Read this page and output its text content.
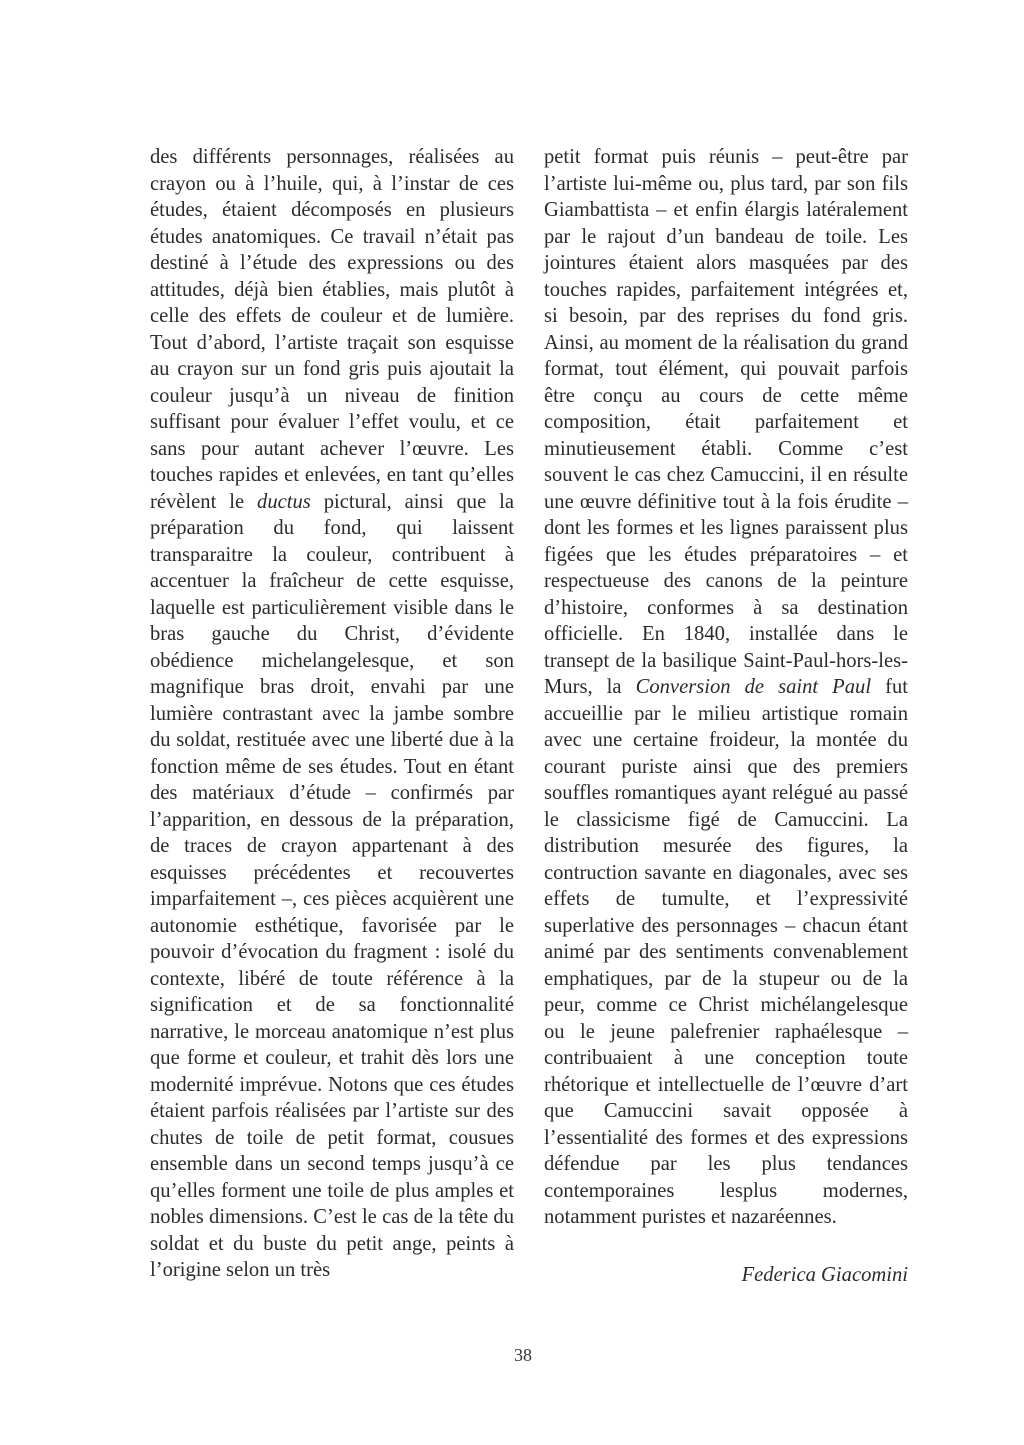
des différents personnages, réalisées au crayon ou à l’huile, qui, à l’instar de ces études, étaient décomposés en plusieurs études anatomiques. Ce travail n’était pas destiné à l’étude des expressions ou des attitudes, déjà bien établies, mais plutôt à celle des effets de couleur et de lumière. Tout d’abord, l’artiste traçait son esquisse au crayon sur un fond gris puis ajoutait la couleur jusqu’à un niveau de finition suffisant pour évaluer l’effet voulu, et ce sans pour autant achever l’œuvre. Les touches rapides et enlevées, en tant qu’elles révèlent le ductus pictural, ainsi que la préparation du fond, qui laissent transparaitre la couleur, contribuent à accentuer la fraîcheur de cette esquisse, laquelle est particulièrement visible dans le bras gauche du Christ, d’évidente obédience michelangelesque, et son magnifique bras droit, envahi par une lumière contrastant avec la jambe sombre du soldat, restituée avec une liberté due à la fonction même de ses études. Tout en étant des matériaux d’étude – confirmés par l’apparition, en dessous de la préparation, de traces de crayon appartenant à des esquisses précédentes et recouvertes imparfaitement –, ces pièces acquièrent une autonomie esthétique, favorisée par le pouvoir d’évocation du fragment : isolé du contexte, libéré de toute référence à la signification et de sa fonctionnalité narrative, le morceau anatomique n’est plus que forme et couleur, et trahit dès lors une modernité imprévue. Notons que ces études étaient parfois réalisées par l’artiste sur des chutes de toile de petit format, cousues ensemble dans un second temps jusqu’à ce qu’elles forment une toile de plus amples et nobles dimensions. C’est le cas de la tête du soldat et du buste du petit ange, peints à l’origine selon un très

petit format puis réunis – peut-être par l’artiste lui-même ou, plus tard, par son fils Giambattista – et enfin élargis latéralement par le rajout d’un bandeau de toile. Les jointures étaient alors masquées par des touches rapides, parfaitement intégrées et, si besoin, par des reprises du fond gris. Ainsi, au moment de la réalisation du grand format, tout élément, qui pouvait parfois être conçu au cours de cette même composition, était parfaitement et minutieusement établi. Comme c’est souvent le cas chez Camuccini, il en résulte une œuvre définitive tout à la fois érudite – dont les formes et les lignes paraissent plus figées que les études préparatoires – et respectueuse des canons de la peinture d’histoire, conformes à sa destination officielle. En 1840, installée dans le transept de la basilique Saint-Paul-hors-les-Murs, la Conversion de saint Paul fut accueillie par le milieu artistique romain avec une certaine froideur, la montée du courant puriste ainsi que des premiers souffles romantiques ayant relégué au passé le classicisme figé de Camuccini. La distribution mesurée des figures, la contruction savante en diagonales, avec ses effets de tumulte, et l’expressivité superlative des personnages – chacun étant animé par des sentiments convenablement emphatiques, par de la stupeur ou de la peur, comme ce Christ michélangelesque ou le jeune palefrenier raphaélesque – contribuaient à une conception toute rhétorique et intellectuelle de l’œuvre d’art que Camuccini savait opposée à l’essentialité des formes et des expressions défendue par les plus tendances contemporaines lesplus modernes, notamment puristes et nazaréennes.

Federica Giacomini
38
